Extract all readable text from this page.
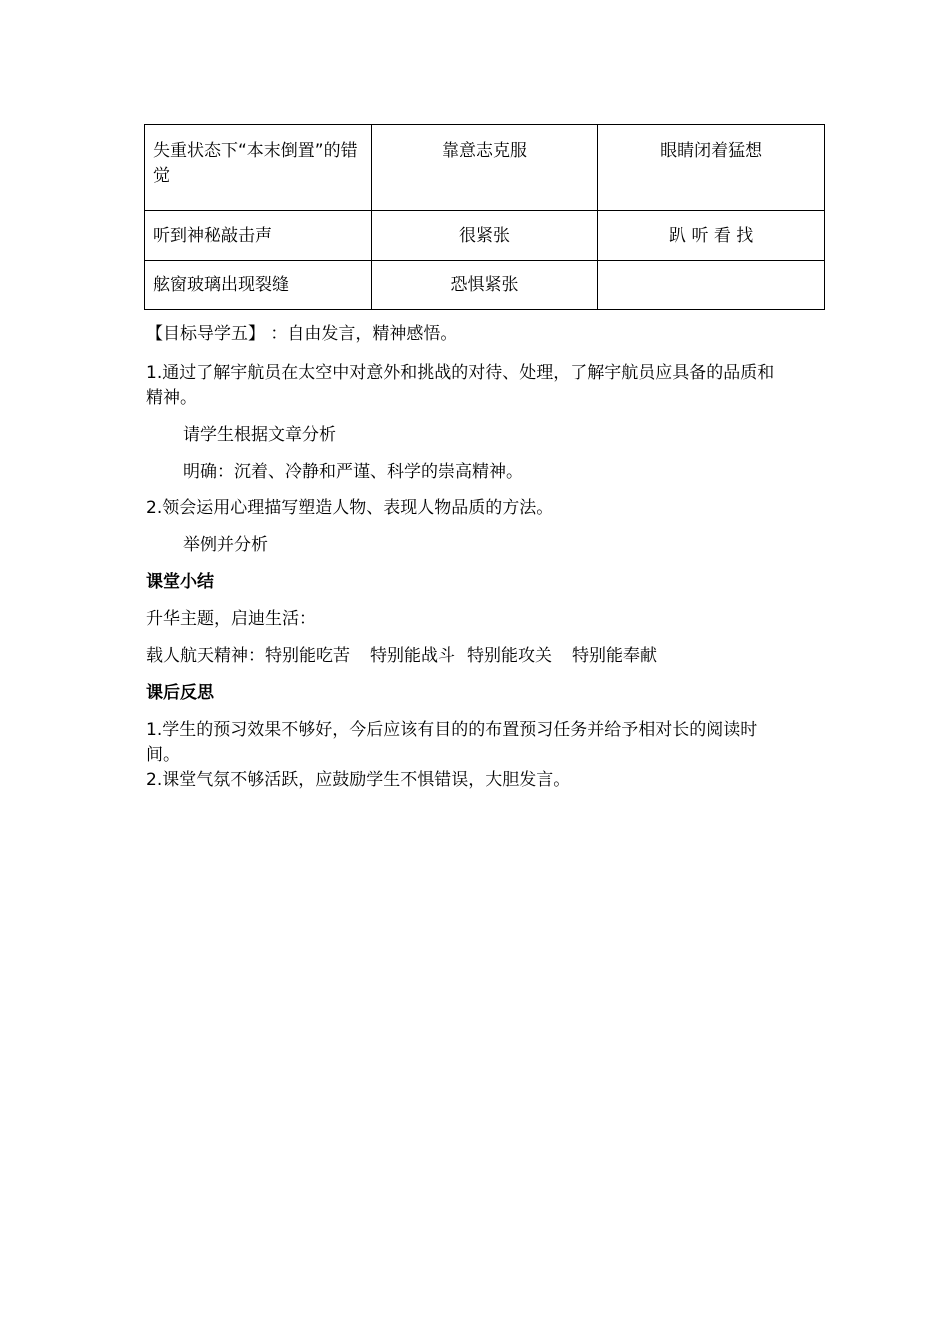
失重状态下“本末倒置”的错觉	靠意志克服	眼睛闭着猛想
听到神秘敲击声	很紧张	趴 听 看 找
舷窗玻璃出现裂缝	恐惧紧张	
【目标导学五】 ：自由发言，精神感悟。
1.通过了解宇航员在太空中对意外和挑战的对待、处理，了解宇航员应具备的品质和精神。
请学生根据文章分析
明确：沉着、冷静和严谨、科学的崇高精神。
2.领会运用心理描写塑造人物、表现人物品质的方法。
举例并分析
课堂小结
升华主题，启迪生活：
载人航天精神：特别能吃苦 特别能战斗 特别能攻关 特别能奉献
课后反思
1.学生的预习效果不够好，今后应该有目的的布置预习任务并给予相对长的阅读时间。
2.课堂气氛不够活跃，应鼓励学生不惧错误，大胆发言。
